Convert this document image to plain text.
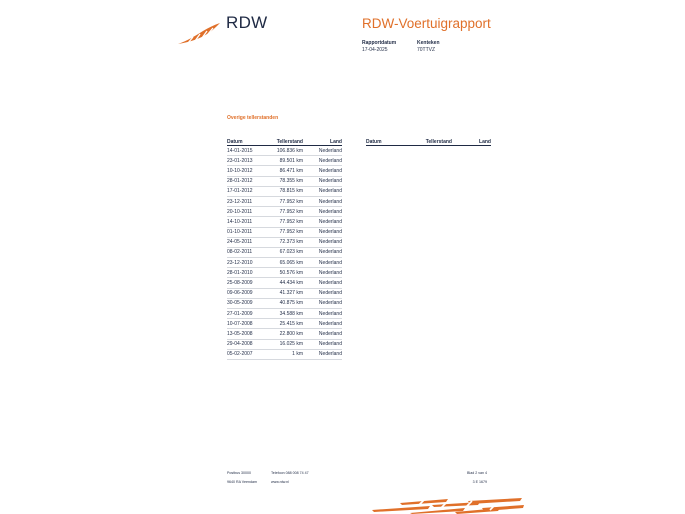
RDW	RDW-Voertuigrapport
Rapportdatum
17-04-2025
Kenteken
70TTVZ
Overige tellerstanden
Datum	Tellerstand	Land
14-01-2015	106.836 km	Nederland
23-01-2013	89.501 km	Nederland
10-10-2012	86.471 km	Nederland
28-01-2012	78.355 km	Nederland
17-01-2012	78.815 km	Nederland
23-12-2011	77.952 km	Nederland
20-10-2011	77.952 km	Nederland
14-10-2011	77.952 km	Nederland
01-10-2011	77.952 km	Nederland
24-05-2011	72.373 km	Nederland
08-02-2011	67.023 km	Nederland
23-12-2010	65.065 km	Nederland
28-01-2010	50.576 km	Nederland
25-08-2009	44.434 km	Nederland
09-06-2009	41.327 km	Nederland
30-05-2009	40.875 km	Nederland
27-01-2009	34.588 km	Nederland
10-07-2008	25.415 km	Nederland
13-05-2008	22.800 km	Nederland
29-04-2008	16.025 km	Nederland
05-02-2007	1 km	Nederland
Datum	Tellerstand	Land
Postbus 30000
9640 RA Veendam
Telefoon 088 008 74 47
www.rdw.nl
Blad 2 van 4
3 E 1679
